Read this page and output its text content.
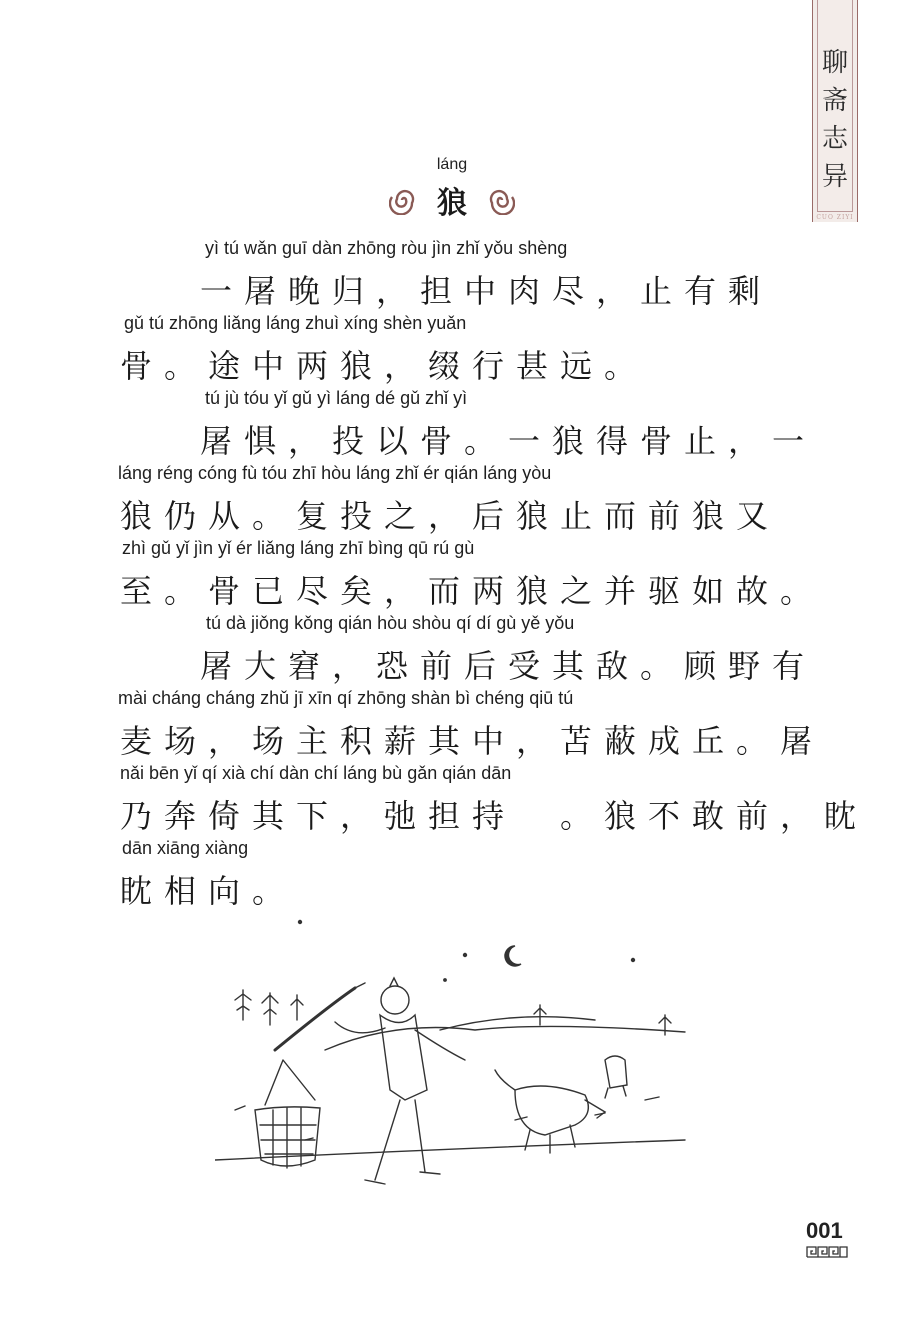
聊
斋
志
异
CUO ZIYI
láng
狼
yì tú wǎn guī dàn zhōng ròu jìn zhǐ yǒu shèng
一屠晚归，担中肉尽，止有剩
gǔ tú zhōng liǎng láng zhuì xíng shèn yuǎn
骨。途中两狼，缀行甚远。
tú jù tóu yǐ gǔ yì láng dé gǔ zhǐ yì
屠惧，投以骨。一狼得骨止，一
láng réng cóng fù tóu zhī hòu láng zhǐ ér qián láng yòu
狼仍从。复投之，后狼止而前狼又
zhì gǔ yǐ jìn yǐ ér liǎng láng zhī bìng qū rú gù
至。骨已尽矣，而两狼之并驱如故。
tú dà jiǒng kǒng qián hòu shòu qí dí gù yě yǒu
屠大窘，恐前后受其敌。顾野有
mài cháng cháng zhǔ jī xīn qí zhōng shàn bì chéng qiū tú
麦场，场主积薪其中，苫蔽成丘。屠
nǎi bēn yǐ qí xià chí dàn chí láng bù gǎn qián dān
乃奔倚其下，弛担持　。狼不敢前，眈
dān xiāng xiàng
眈相向。
001
